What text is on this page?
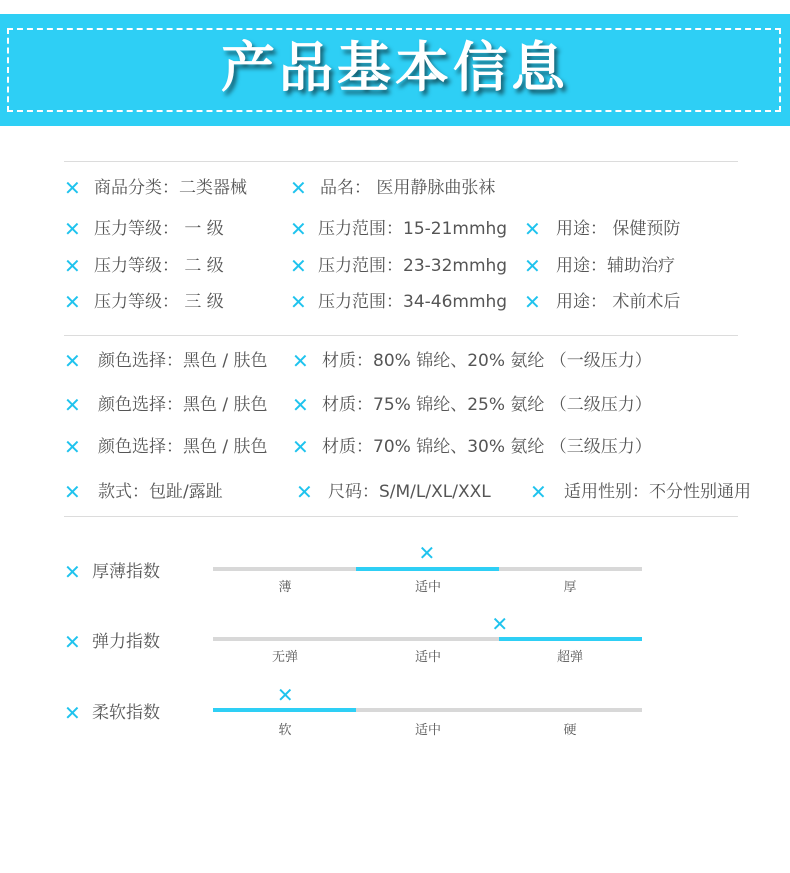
产品基本信息
✕ 商品分类：二类器械 ✕ 品名： 医用静脉曲张袜
✕ 压力等级： 一 级	✕ 压力范围：15-21mmhg ✕ 用途： 保健预防
✕ 压力等级： 二 级	✕ 压力范围：23-32mmhg ✕ 用途：辅助治疗
✕ 压力等级： 三 级	✕ 压力范围：34-46mmhg ✕ 用途： 术前术后
✕ 颜色选择：黑色 / 肤色 ✕ 材质：80% 锦纶、20% 氨纶 （一级压力）
✕ 颜色选择：黑色 / 肤色 ✕ 材质：75% 锦纶、25% 氨纶 （二级压力）
✕ 颜色选择：黑色 / 肤色 ✕ 材质：70% 锦纶、30% 氨纶 （三级压力）
✕ 款式：包趾/露趾	✕ 尺码：S/M/L/XL/XXL ✕ 适用性别：不分性别通用
✕ 厚薄指数
✕
薄	适中	厚
✕ 弹力指数
✕
无弹	适中	超弹
✕ 柔软指数
✕
软	适中	硬
